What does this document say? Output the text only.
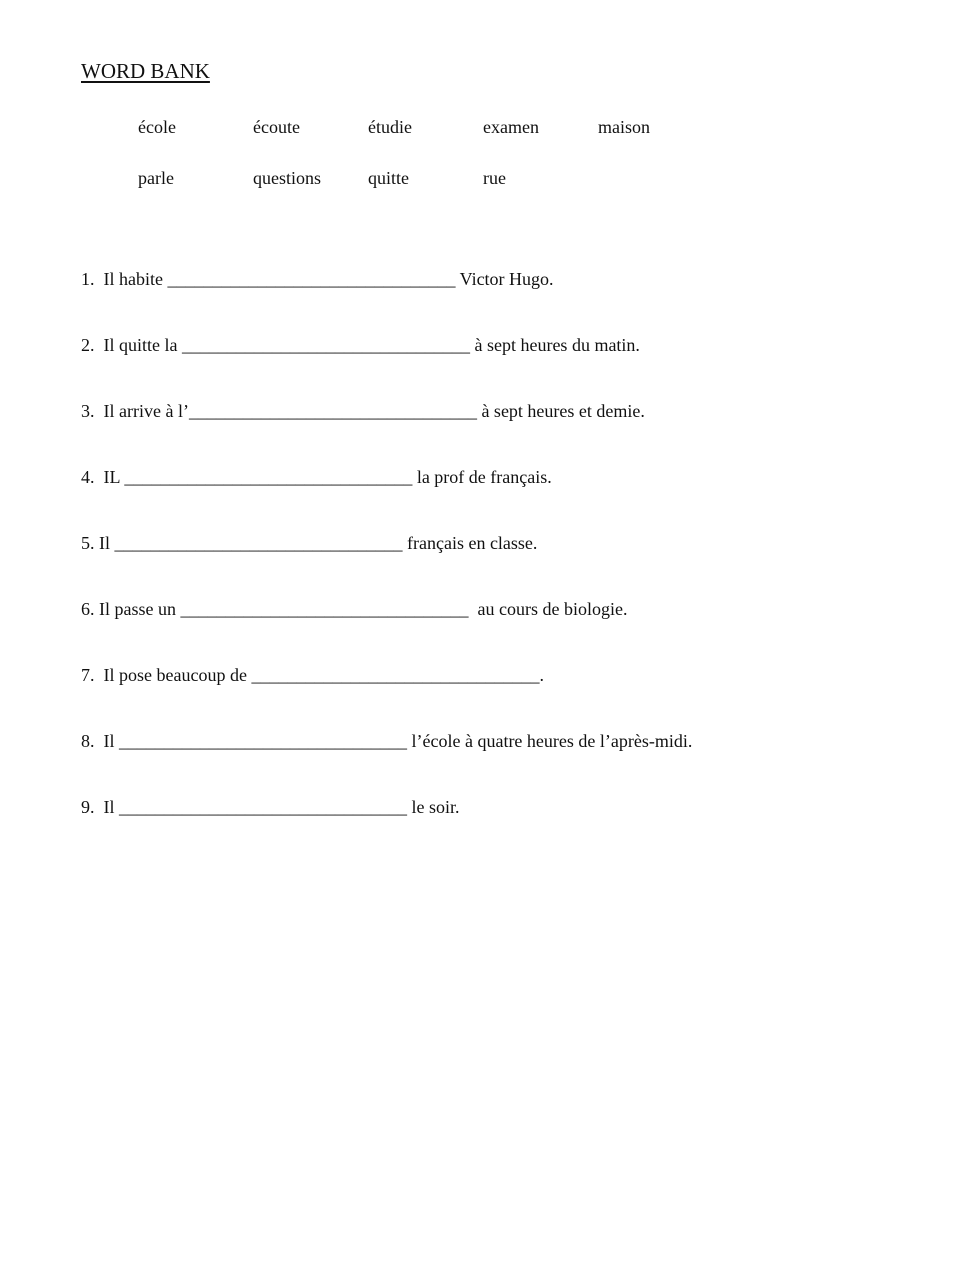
WORD BANK
école	écoute	étudie	examen	maison
parle	questions	quitte	rue
1.  Il habite ________________________________ Victor Hugo.
2.  Il quitte la ________________________________ à sept heures du matin.
3.  Il arrive à l’________________________________ à sept heures et demie.
4.  IL ________________________________ la prof de français.
5. Il ________________________________ français en classe.
6. Il passe un ________________________________  au cours de biologie.
7.  Il pose beaucoup de ________________________________.
8.  Il ________________________________ l’école à quatre heures de l’après-midi.
9.  Il ________________________________ le soir.
